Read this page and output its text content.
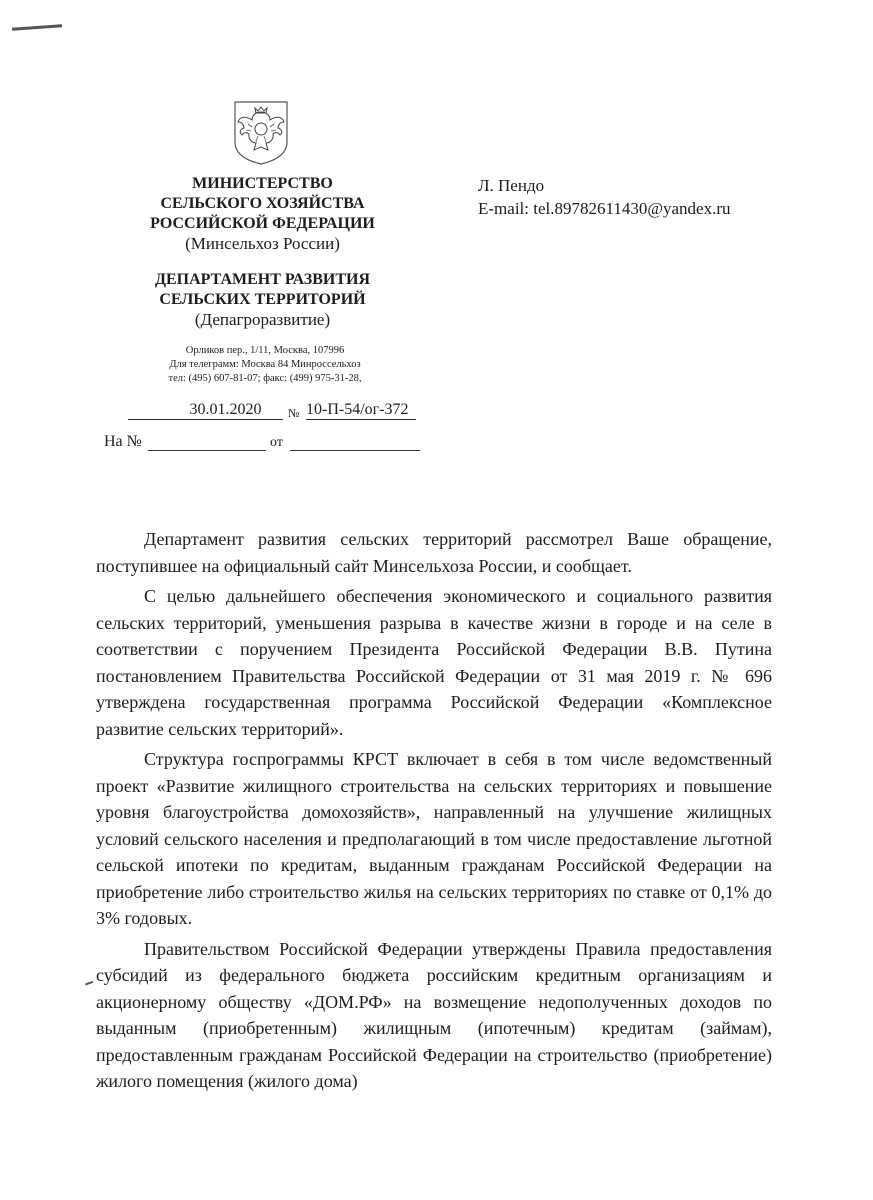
МИНИСТЕРСТВО
СЕЛЬСКОГО ХОЗЯЙСТВА
РОССИЙСКОЙ ФЕДЕРАЦИИ
(Минсельхоз России)
ДЕПАРТАМЕНТ РАЗВИТИЯ
СЕЛЬСКИХ ТЕРРИТОРИЙ
(Депагроразвитие)
Орликов пер., 1/11, Москва, 107996
Для телеграмм: Москва 84 Минроссельхоз
тел: (495) 607-81-07; факс: (499) 975-31-28,
30.01.2020	№ 10-П-54/ог-372
На №	от
Л. Пендо
E-mail: tel.89782611430@yandex.ru

Департамент развития сельских территорий рассмотрел Ваше обращение, поступившее на официальный сайт Минсельхоза России, и сообщает.

С целью дальнейшего обеспечения экономического и социального развития сельских территорий, уменьшения разрыва в качестве жизни в городе и на селе в соответствии с поручением Президента Российской Федерации В.В. Путина постановлением Правительства Российской Федерации от 31 мая 2019 г. № 696 утверждена государственная программа Российской Федерации «Комплексное развитие сельских территорий».

Структура госпрограммы КРСТ включает в себя в том числе ведомственный проект «Развитие жилищного строительства на сельских территориях и повышение уровня благоустройства домохозяйств», направленный на улучшение жилищных условий сельского населения и предполагающий в том числе предоставление льготной сельской ипотеки по кредитам, выданным гражданам Российской Федерации на приобретение либо строительство жилья на сельских территориях по ставке от 0,1% до 3% годовых.

Правительством Российской Федерации утверждены Правила предоставления субсидий из федерального бюджета российским кредитным организациям и акционерному обществу «ДОМ.РФ» на возмещение недополученных доходов по выданным (приобретенным) жилищным (ипотечным) кредитам (займам), предоставленным гражданам Российской Федерации на строительство (приобретение) жилого помещения (жилого дома)
